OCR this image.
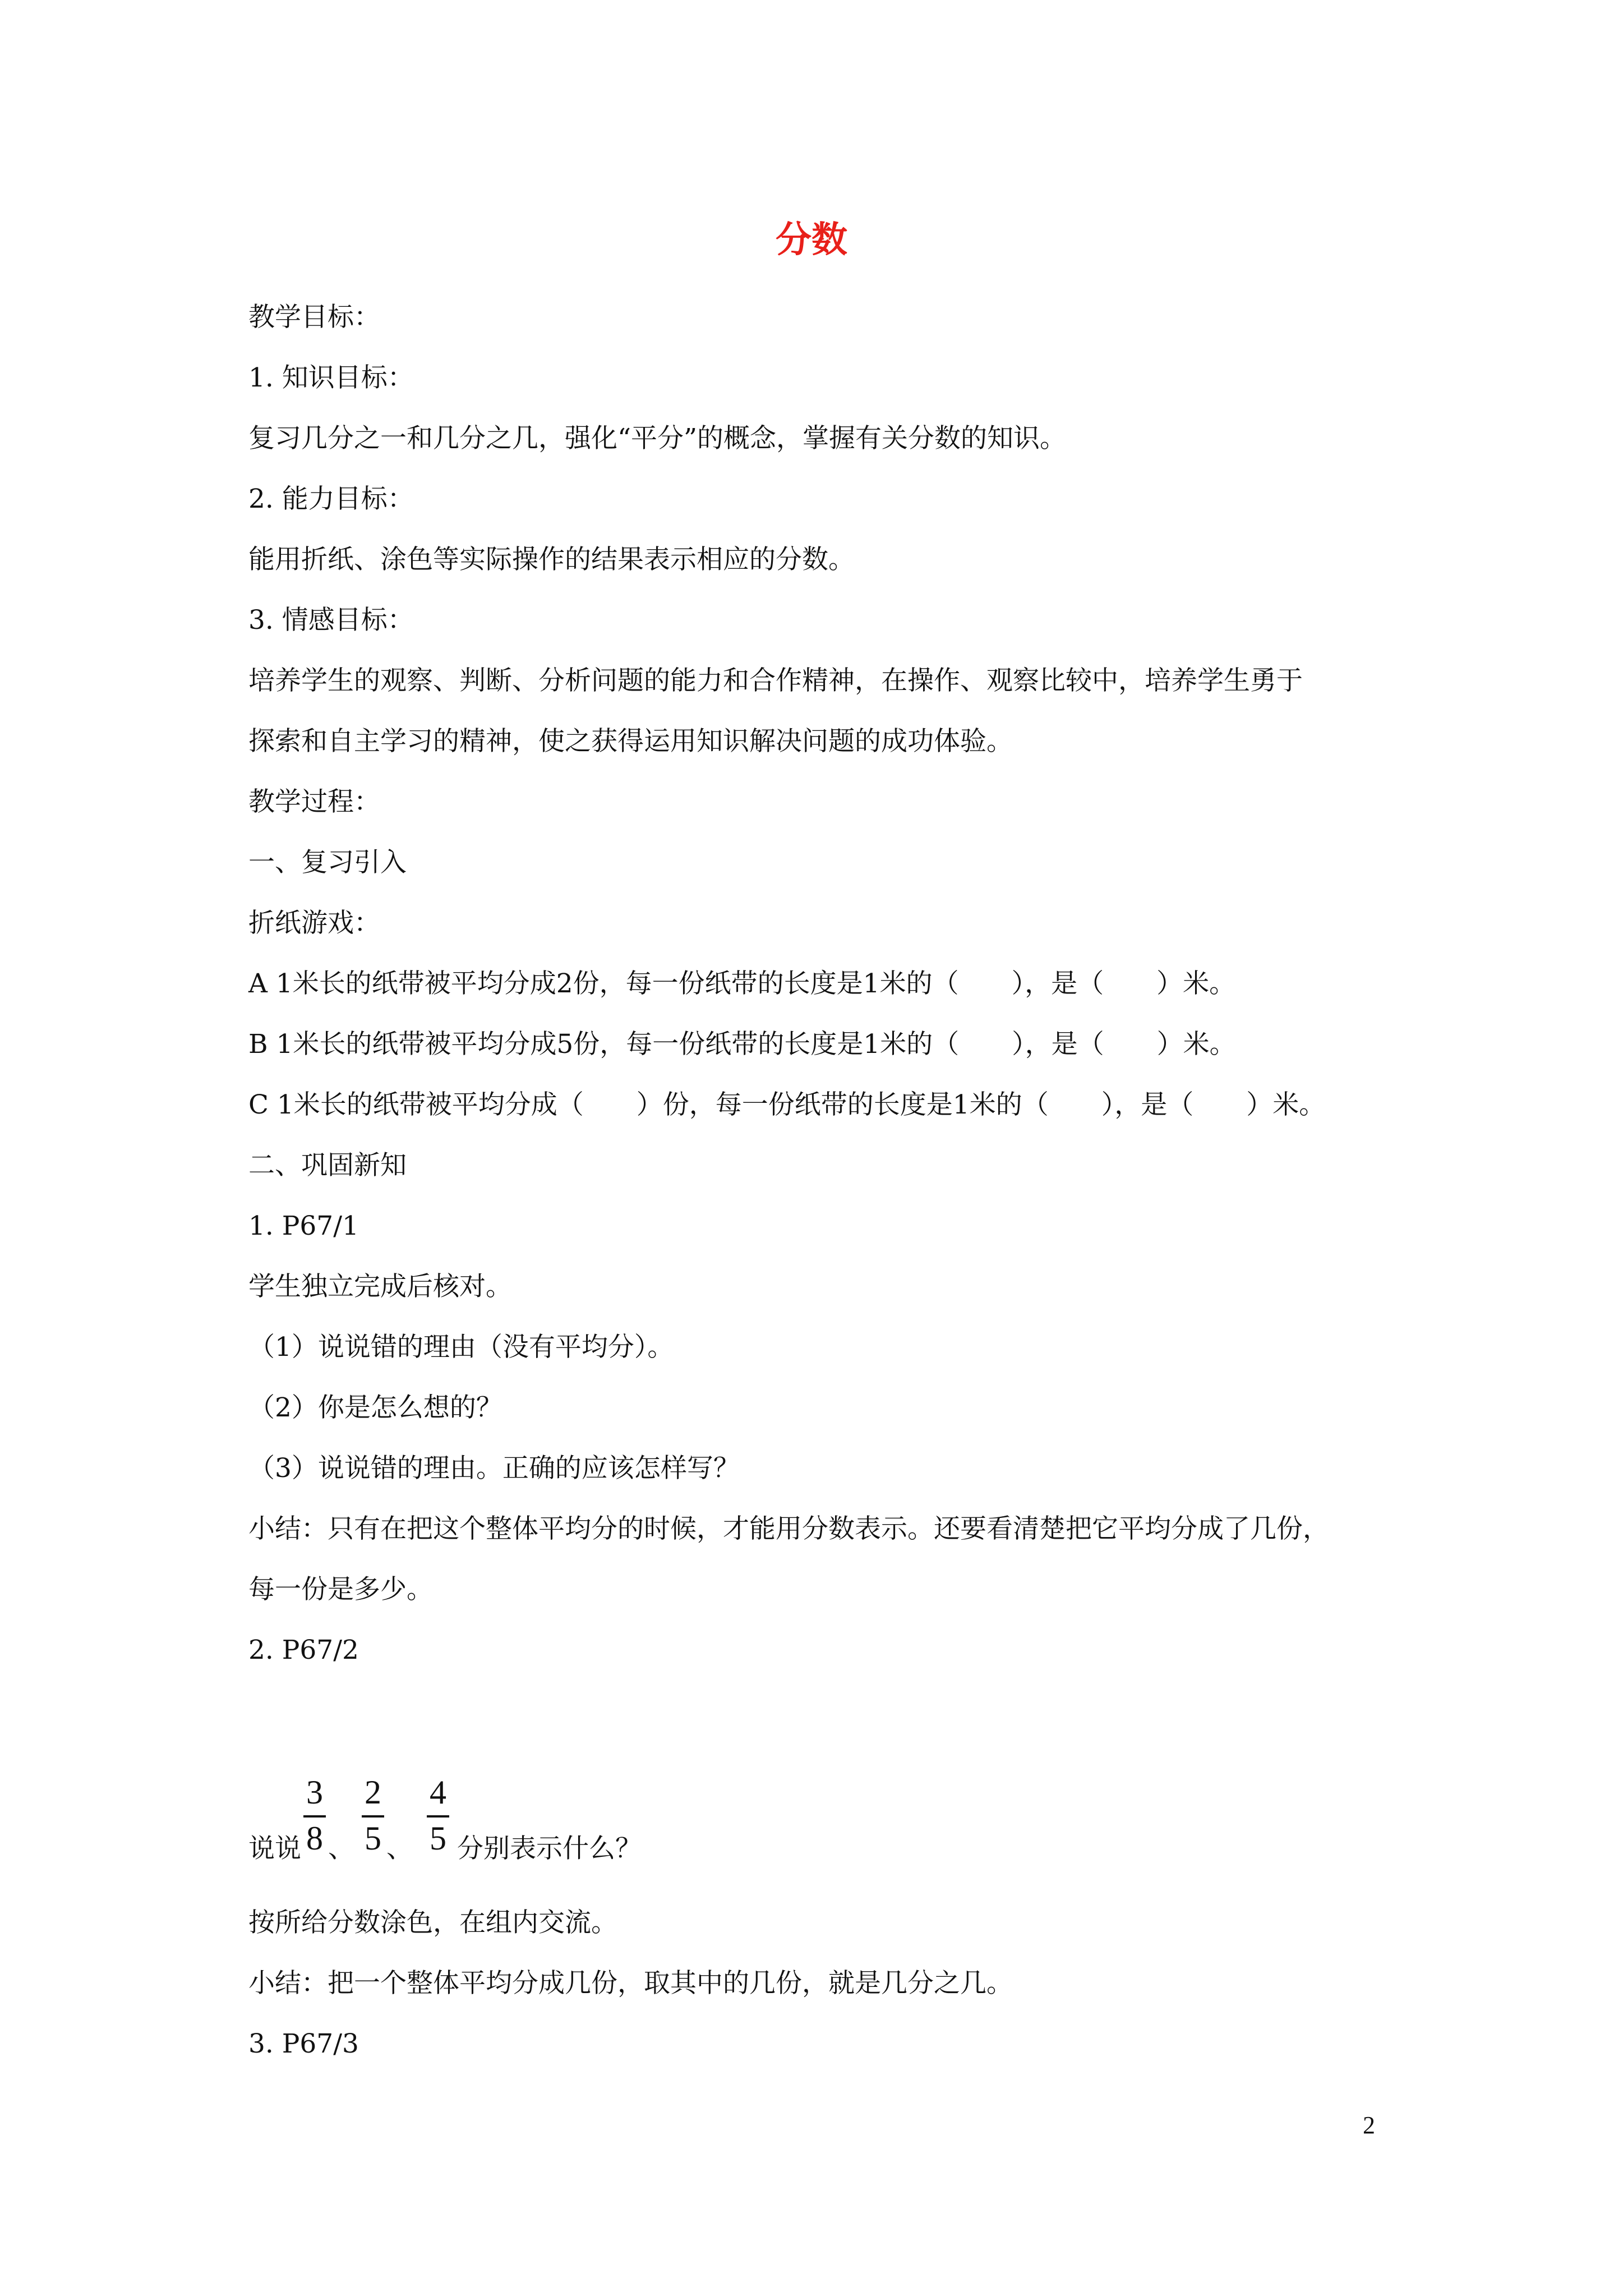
分数
教学目标：
1. 知识目标：
复习几分之一和几分之几，强化“平分”的概念，掌握有关分数的知识。
2. 能力目标：
能用折纸、涂色等实际操作的结果表示相应的分数。
3. 情感目标：
培养学生的观察、判断、分析问题的能力和合作精神，在操作、观察比较中，培养学生勇于
探索和自主学习的精神，使之获得运用知识解决问题的成功体验。
教学过程：
一、复习引入
折纸游戏：
A 1米长的纸带被平均分成2份，每一份纸带的长度是1米的（　　），是（　　）米。
B 1米长的纸带被平均分成5份，每一份纸带的长度是1米的（　　），是（　　）米。
C 1米长的纸带被平均分成（　　）份，每一份纸带的长度是1米的（　　），是（　　）米。
二、巩固新知
1. P67/1
学生独立完成后核对。
（1）说说错的理由（没有平均分）。
（2）你是怎么想的？
（3）说说错的理由。正确的应该怎样写？
小结：只有在把这个整体平均分的时候，才能用分数表示。还要看清楚把它平均分成了几份，
每一份是多少。
2. P67/2
说说
3
8 、
2
5 、
4
5 分别表示什么？
按所给分数涂色，在组内交流。
小结：把一个整体平均分成几份，取其中的几份，就是几分之几。
3. P67/3
2
